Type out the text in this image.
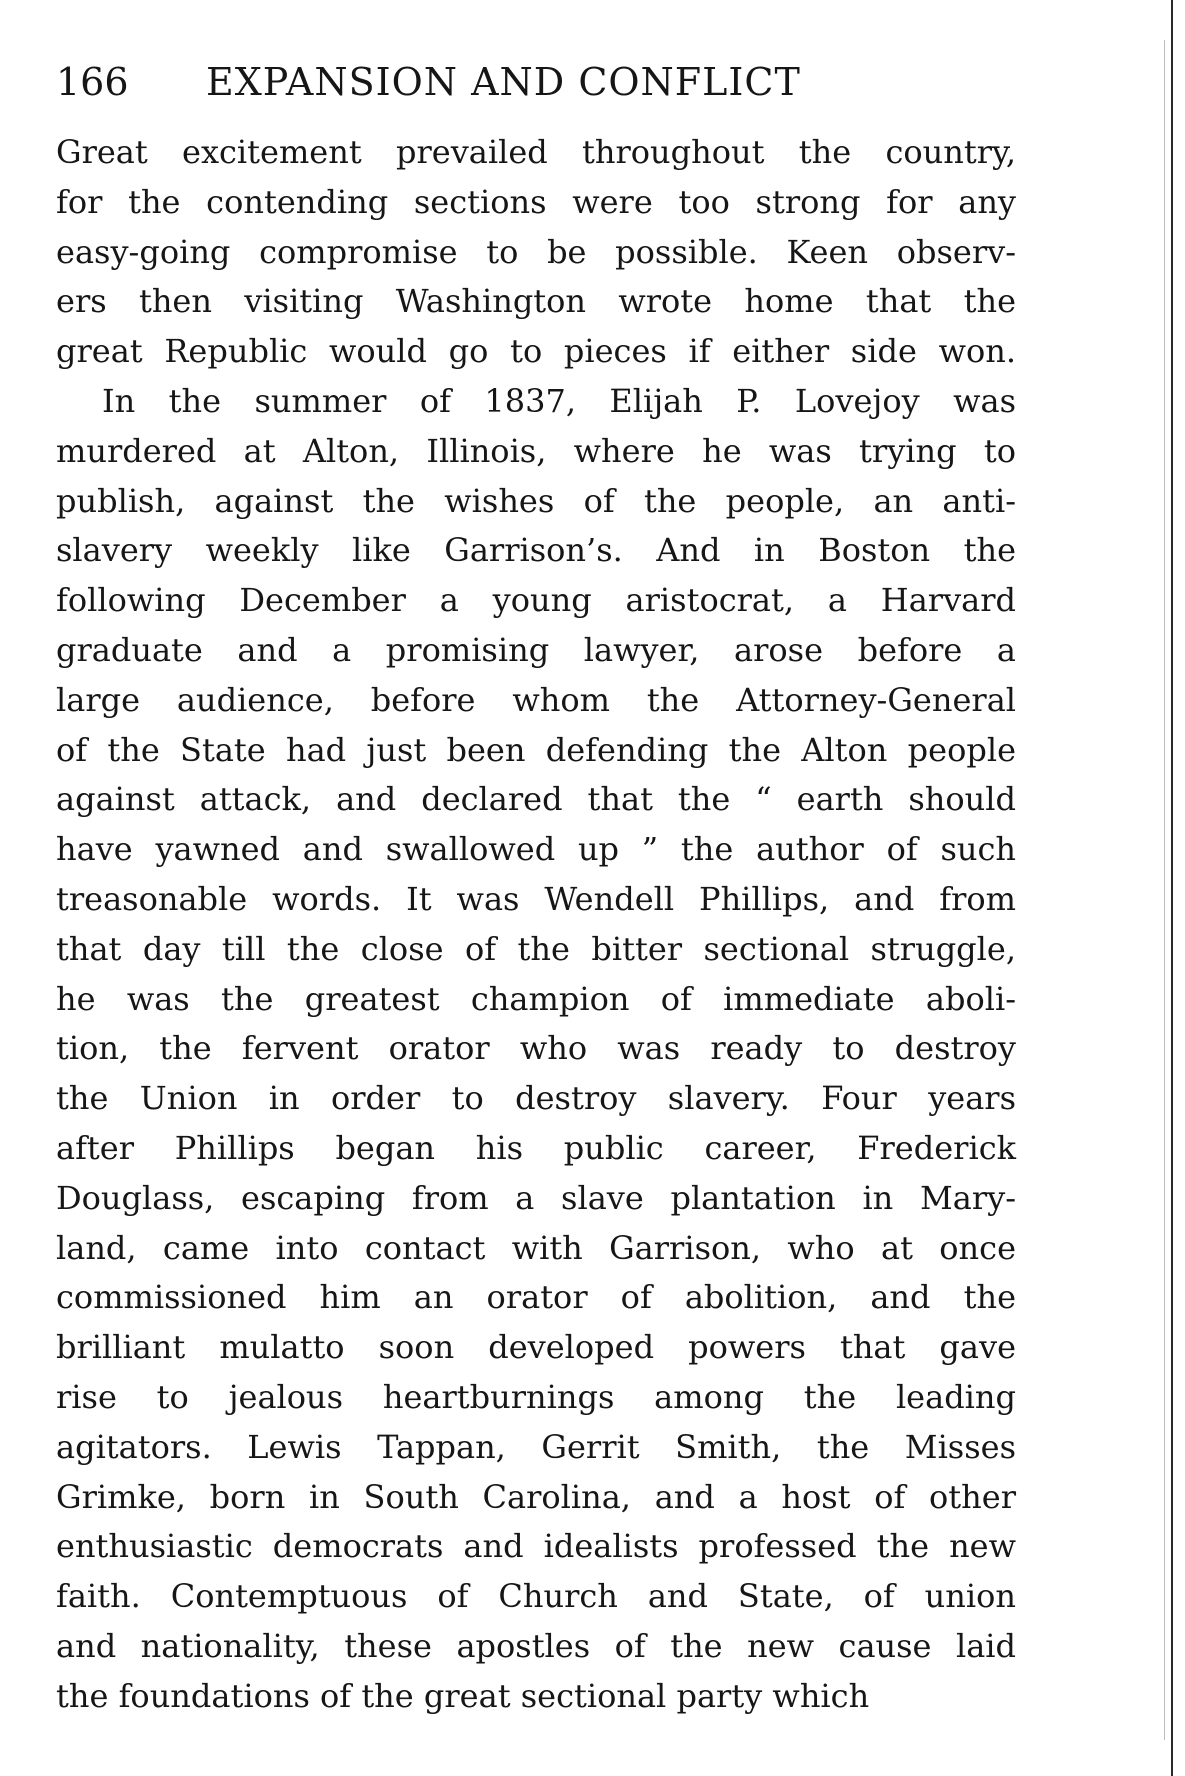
166 EXPANSION AND CONFLICT
Great excitement prevailed throughout the country,
for the contending sections were too strong for any
easy-going compromise to be possible. Keen observ-
ers then visiting Washington wrote home that the
great Republic would go to pieces if either side won.
In the summer of 1837, Elijah P. Lovejoy was
murdered at Alton, Illinois, where he was trying to
publish, against the wishes of the people, an anti-
slavery weekly like Garrison’s. And in Boston the
following December a young aristocrat, a Harvard
graduate and a promising lawyer, arose before a
large audience, before whom the Attorney-General
of the State had just been defending the Alton people
against attack, and declared that the “ earth should
have yawned and swallowed up ” the author of such
treasonable words. It was Wendell Phillips, and from
that day till the close of the bitter sectional struggle,
he was the greatest champion of immediate aboli-
tion, the fervent orator who was ready to destroy
the Union in order to destroy slavery. Four years
after Phillips began his public career, Frederick
Douglass, escaping from a slave plantation in Mary-
land, came into contact with Garrison, who at once
commissioned him an orator of abolition, and the
brilliant mulatto soon developed powers that gave
rise to jealous heartburnings among the leading
agitators. Lewis Tappan, Gerrit Smith, the Misses
Grimke, born in South Carolina, and a host of other
enthusiastic democrats and idealists professed the new
faith. Contemptuous of Church and State, of union
and nationality, these apostles of the new cause laid
the foundations of the great sectional party which
